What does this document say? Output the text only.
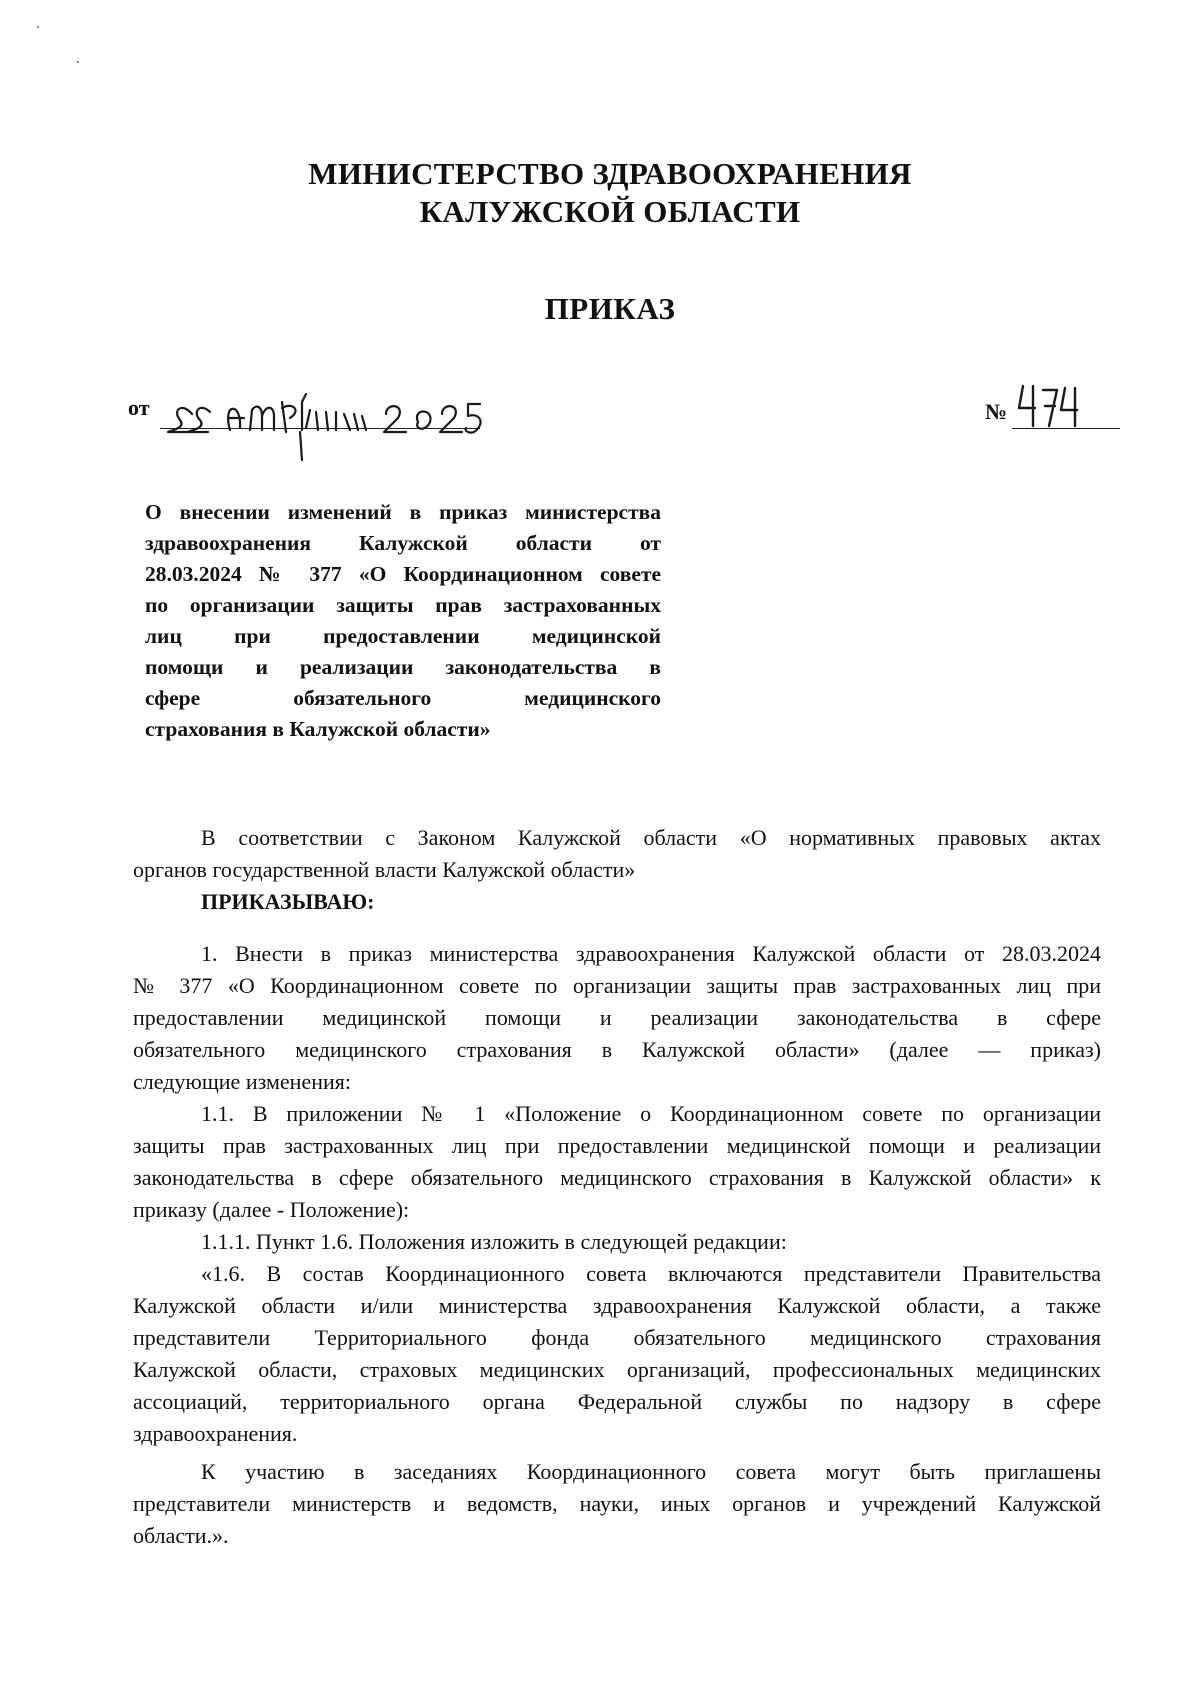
МИНИСТЕРСТВО ЗДРАВООХРАНЕНИЯ
КАЛУЖСКОЙ ОБЛАСТИ
ПРИКАЗ
от	№
О внесении изменений в приказ министерства
здравоохранения Калужской области от
28.03.2024 № 377 «О Координационном совете
по организации защиты прав застрахованных
лиц при предоставлении медицинской
помощи и реализации законодательства в
сфере обязательного медицинского
страхования в Калужской области»
В соответствии с Законом Калужской области «О нормативных правовых актах
органов государственной власти Калужской области»
ПРИКАЗЫВАЮ:
1. Внести в приказ министерства здравоохранения Калужской области от 28.03.2024
№ 377 «О Координационном совете по организации защиты прав застрахованных лиц при
предоставлении медицинской помощи и реализации законодательства в сфере
обязательного медицинского страхования в Калужской области» (далее — приказ)
следующие изменения:
1.1. В приложении № 1 «Положение о Координационном совете по организации
защиты прав застрахованных лиц при предоставлении медицинской помощи и реализации
законодательства в сфере обязательного медицинского страхования в Калужской области» к
приказу (далее - Положение):
1.1.1. Пункт 1.6. Положения изложить в следующей редакции:
«1.6. В состав Координационного совета включаются представители Правительства
Калужской области и/или министерства здравоохранения Калужской области, а также
представители Территориального фонда обязательного медицинского страхования
Калужской области, страховых медицинских организаций, профессиональных медицинских
ассоциаций, территориального органа Федеральной службы по надзору в сфере
здравоохранения.
К участию в заседаниях Координационного совета могут быть приглашены
представители министерств и ведомств, науки, иных органов и учреждений Калужской
области.».
